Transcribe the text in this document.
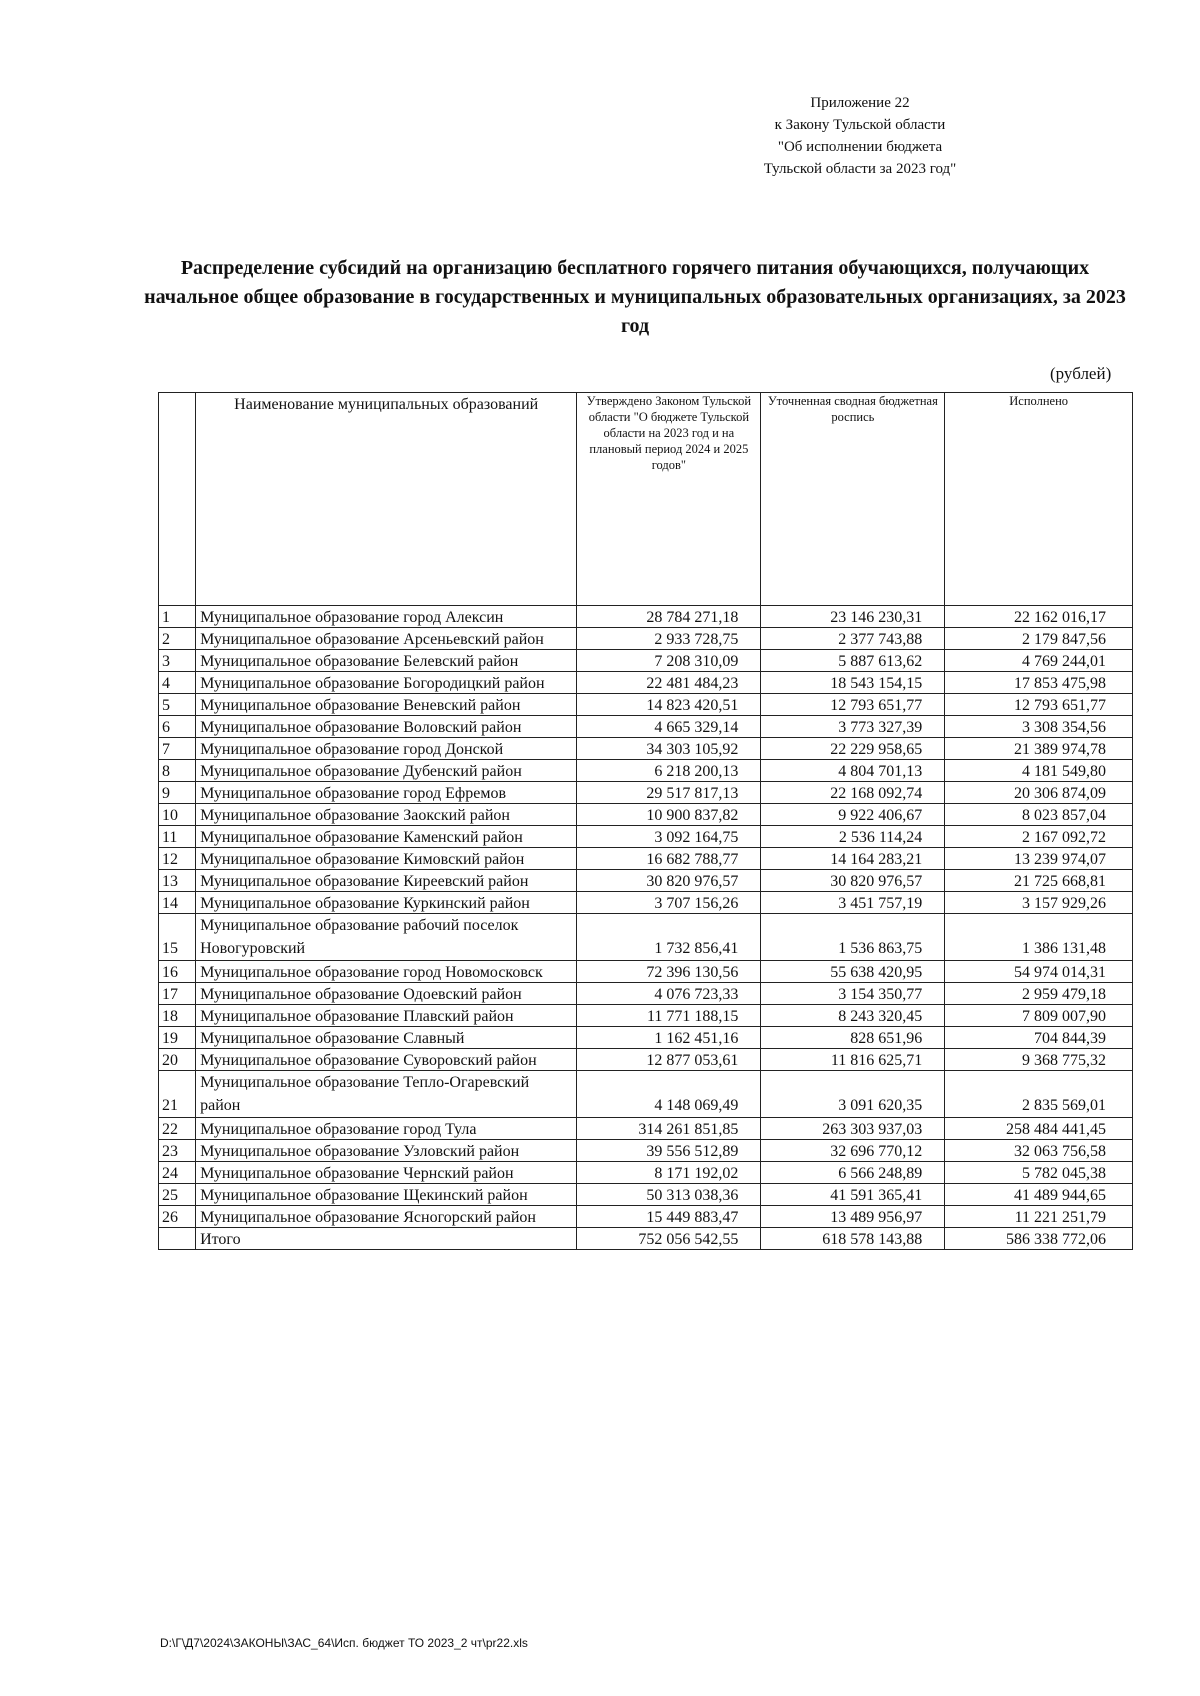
Приложение 22
к Закону Тульской области
"Об исполнении бюджета
Тульской области за 2023 год"
Распределение субсидий на организацию бесплатного горячего питания обучающихся, получающих начальное общее образование в государственных и муниципальных образовательных организациях, за 2023 год
(рублей)
	Наименование муниципальных образований	Утверждено Законом Тульской области "О бюджете Тульской области на 2023 год и на плановый период 2024 и 2025 годов"	Уточненная сводная бюджетная роспись	Исполнено
1	Муниципальное образование город Алексин	28 784 271,18	23 146 230,31	22 162 016,17
2	Муниципальное образование Арсеньевский район	2 933 728,75	2 377 743,88	2 179 847,56
3	Муниципальное образование Белевский район	7 208 310,09	5 887 613,62	4 769 244,01
4	Муниципальное образование Богородицкий район	22 481 484,23	18 543 154,15	17 853 475,98
5	Муниципальное образование Веневский район	14 823 420,51	12 793 651,77	12 793 651,77
6	Муниципальное образование Воловский район	4 665 329,14	3 773 327,39	3 308 354,56
7	Муниципальное образование город Донской	34 303 105,92	22 229 958,65	21 389 974,78
8	Муниципальное образование Дубенский район	6 218 200,13	4 804 701,13	4 181 549,80
9	Муниципальное образование город Ефремов	29 517 817,13	22 168 092,74	20 306 874,09
10	Муниципальное образование Заокский район	10 900 837,82	9 922 406,67	8 023 857,04
11	Муниципальное образование Каменский район	3 092 164,75	2 536 114,24	2 167 092,72
12	Муниципальное образование Кимовский район	16 682 788,77	14 164 283,21	13 239 974,07
13	Муниципальное образование Киреевский район	30 820 976,57	30 820 976,57	21 725 668,81
14	Муниципальное образование Куркинский район	3 707 156,26	3 451 757,19	3 157 929,26
15	Муниципальное образование рабочий поселок Новогуровский	1 732 856,41	1 536 863,75	1 386 131,48
16	Муниципальное образование город Новомосковск	72 396 130,56	55 638 420,95	54 974 014,31
17	Муниципальное образование Одоевский район	4 076 723,33	3 154 350,77	2 959 479,18
18	Муниципальное образование Плавский район	11 771 188,15	8 243 320,45	7 809 007,90
19	Муниципальное образование Славный	1 162 451,16	828 651,96	704 844,39
20	Муниципальное образование Суворовский район	12 877 053,61	11 816 625,71	9 368 775,32
21	Муниципальное образование Тепло-Огаревский район	4 148 069,49	3 091 620,35	2 835 569,01
22	Муниципальное образование город Тула	314 261 851,85	263 303 937,03	258 484 441,45
23	Муниципальное образование Узловский район	39 556 512,89	32 696 770,12	32 063 756,58
24	Муниципальное образование Чернский район	8 171 192,02	6 566 248,89	5 782 045,38
25	Муниципальное образование Щекинский район	50 313 038,36	41 591 365,41	41 489 944,65
26	Муниципальное образование Ясногорский район	15 449 883,47	13 489 956,97	11 221 251,79
	Итого	752 056 542,55	618 578 143,88	586 338 772,06
D:\Г\Д7\2024\ЗАКОНЫ\ЗАС_64\Исп. бюджет ТО 2023_2 чт\pr22.xls
